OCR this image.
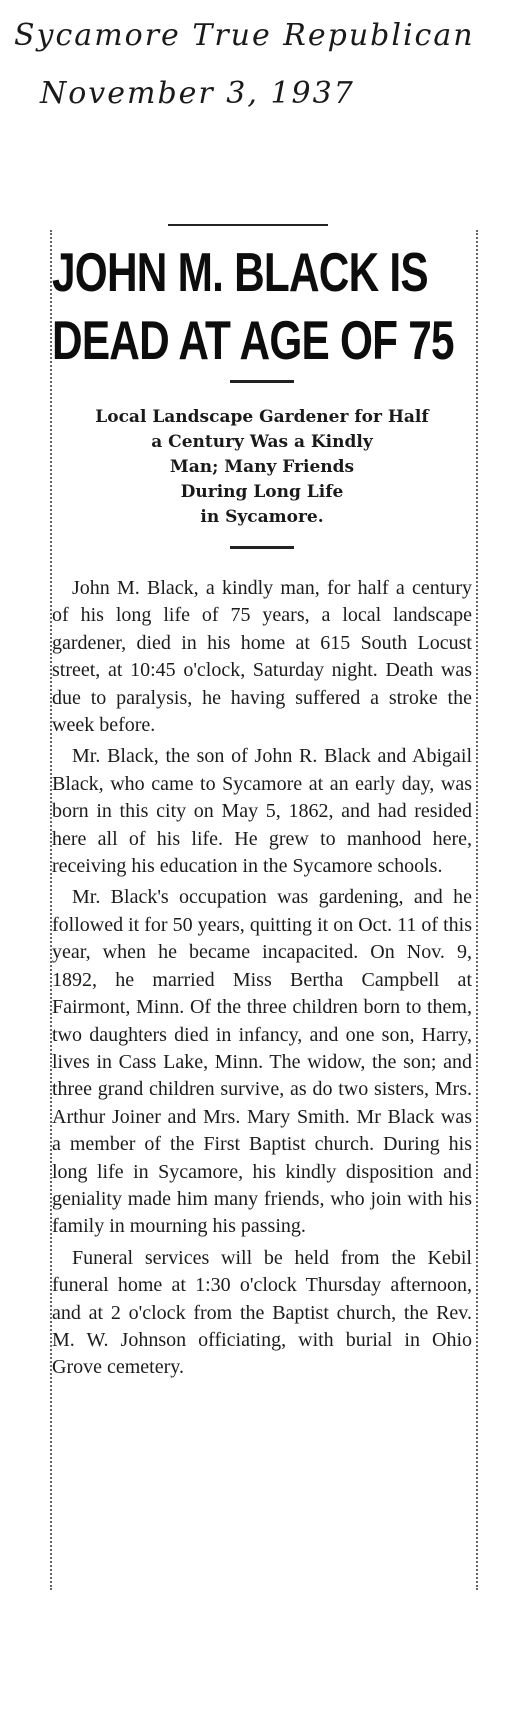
Sycamore True Republican
November 3, 1937
JOHN M. BLACK IS
DEAD AT AGE OF 75
Local Landscape Gardener for Half
a Century Was a Kindly
Man; Many Friends
During Long Life
in Sycamore.

John M. Black, a kindly man, for half a century of his long life of 75 years, a local landscape gardener, died in his home at 615 South Locust street, at 10:45 o'clock, Saturday night. Death was due to paralysis, he having suffered a stroke the week before.

Mr. Black, the son of John R. Black and Abigail Black, who came to Sycamore at an early day, was born in this city on May 5, 1862, and had resided here all of his life. He grew to manhood here, receiving his education in the Sycamore schools.

Mr. Black's occupation was gardening, and he followed it for 50 years, quitting it on Oct. 11 of this year, when he became incapacited. On Nov. 9, 1892, he married Miss Bertha Campbell at Fairmont, Minn. Of the three children born to them, two daughters died in infancy, and one son, Harry, lives in Cass Lake, Minn. The widow, the son; and three grand children survive, as do two sisters, Mrs. Arthur Joiner and Mrs. Mary Smith. Mr Black was a member of the First Baptist church. During his long life in Sycamore, his kindly disposition and geniality made him many friends, who join with his family in mourning his passing.

Funeral services will be held from the Kebil funeral home at 1:30 o'clock Thursday afternoon, and at 2 o'clock from the Baptist church, the Rev. M. W. Johnson officiating, with burial in Ohio Grove cemetery.
